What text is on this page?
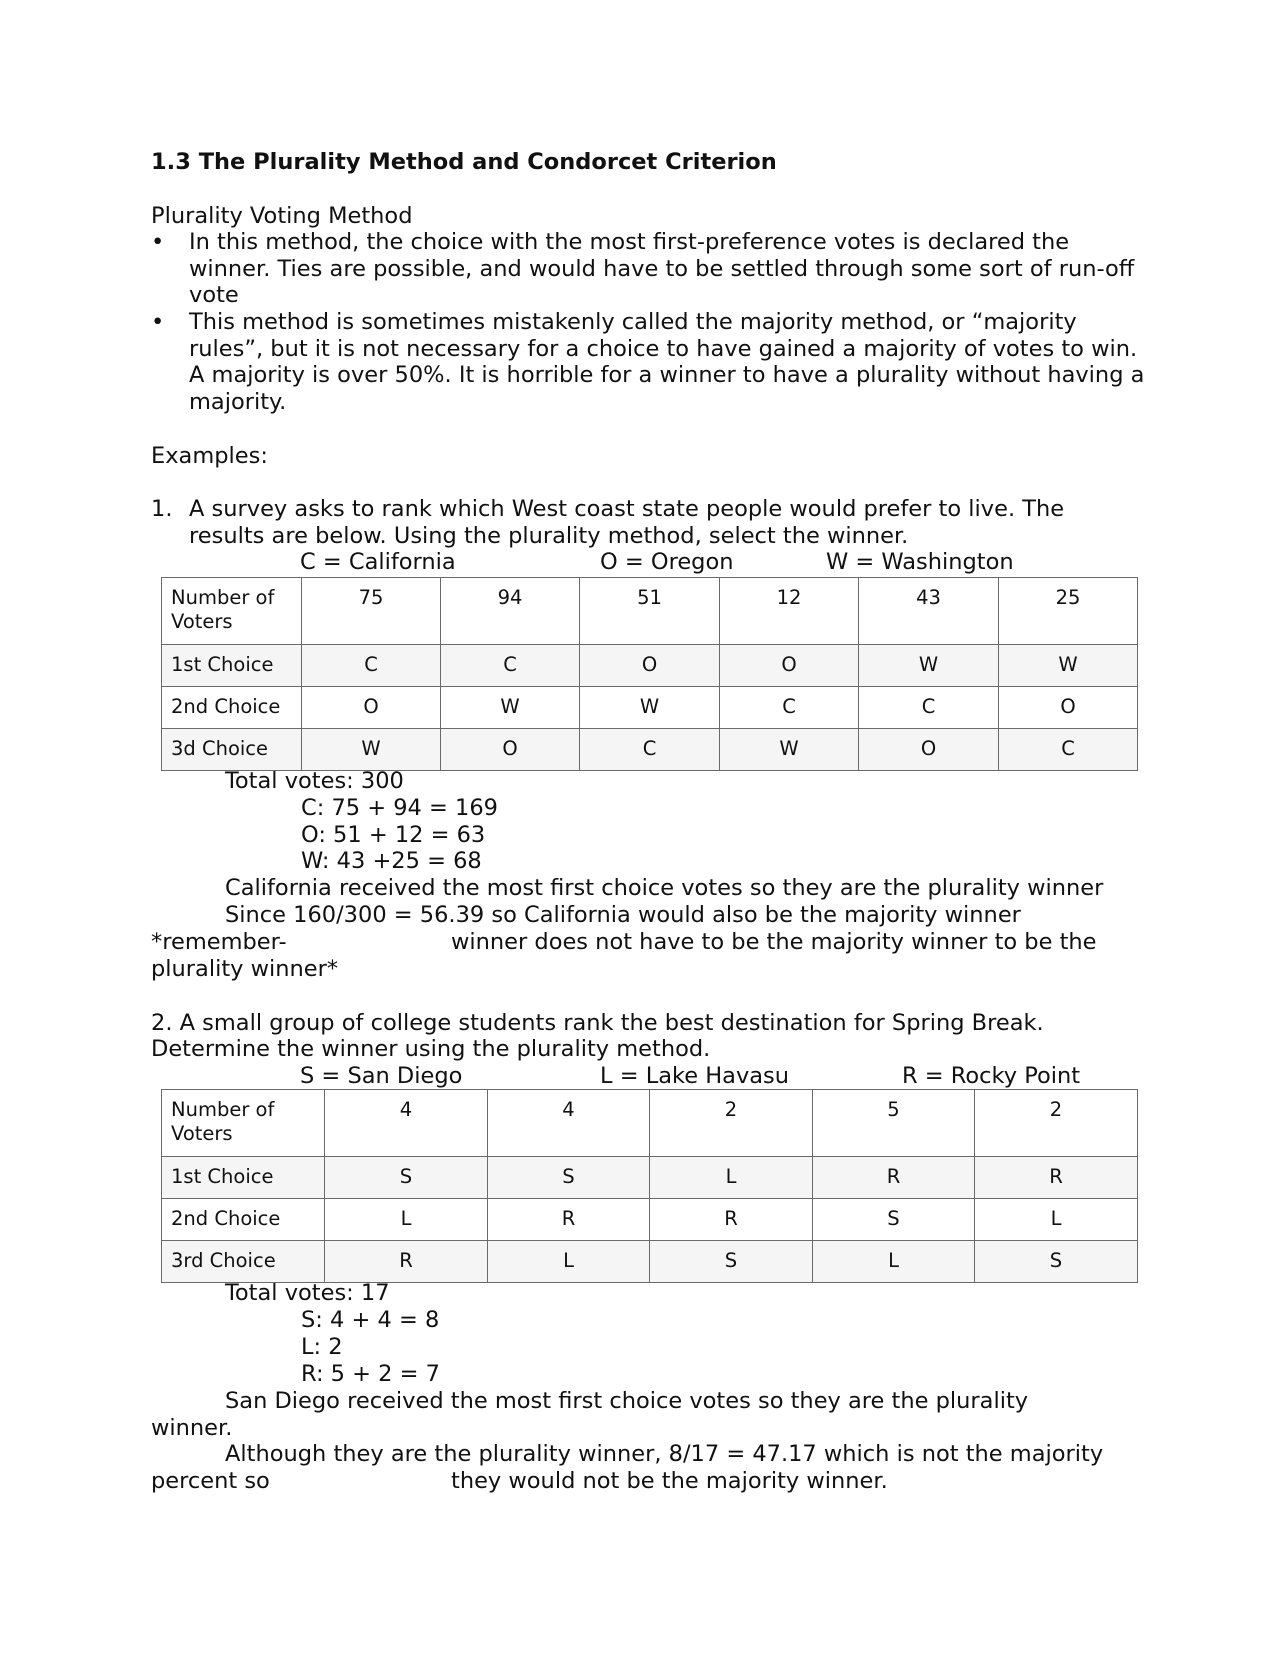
1.3 The Plurality Method and Condorcet Criterion
Plurality Voting Method
• In this method, the choice with the most first-preference votes is declared the winner. Ties are possible, and would have to be settled through some sort of run-off vote
• This method is sometimes mistakenly called the majority method, or “majority rules”, but it is not necessary for a choice to have gained a majority of votes to win. A majority is over 50%. It is horrible for a winner to have a plurality without having a majority.
Examples:
1. A survey asks to rank which West coast state people would prefer to live. The
results are below. Using the plurality method, select the winner.
C = California	O = Oregon	W = Washington
Number of Voters	75	94	51	12	43	25
1st Choice	C	C	O	O	W	W
2nd Choice	O	W	W	C	C	O
3d Choice	W	O	C	W	O	C
Total votes: 300
C: 75 + 94 = 169
O: 51 + 12 = 63
W: 43 +25 = 68
California received the most first choice votes so they are the plurality winner
Since 160/300 = 56.39 so California would also be the majority winner
*remember-	winner does not have to be the majority winner to be the
plurality winner*
2. A small group of college students rank the best destination for Spring Break.
Determine the winner using the plurality method.
S = San Diego	L = Lake Havasu	R = Rocky Point
Number of Voters	4	4	2	5	2
1st Choice	S	S	L	R	R
2nd Choice	L	R	R	S	L
3rd Choice	R	L	S	L	S
Total votes: 17
S: 4 + 4 = 8
L: 2
R: 5 + 2 = 7
San Diego received the most first choice votes so they are the plurality
winner.
Although they are the plurality winner, 8/17 = 47.17 which is not the majority
percent so	they would not be the majority winner.
